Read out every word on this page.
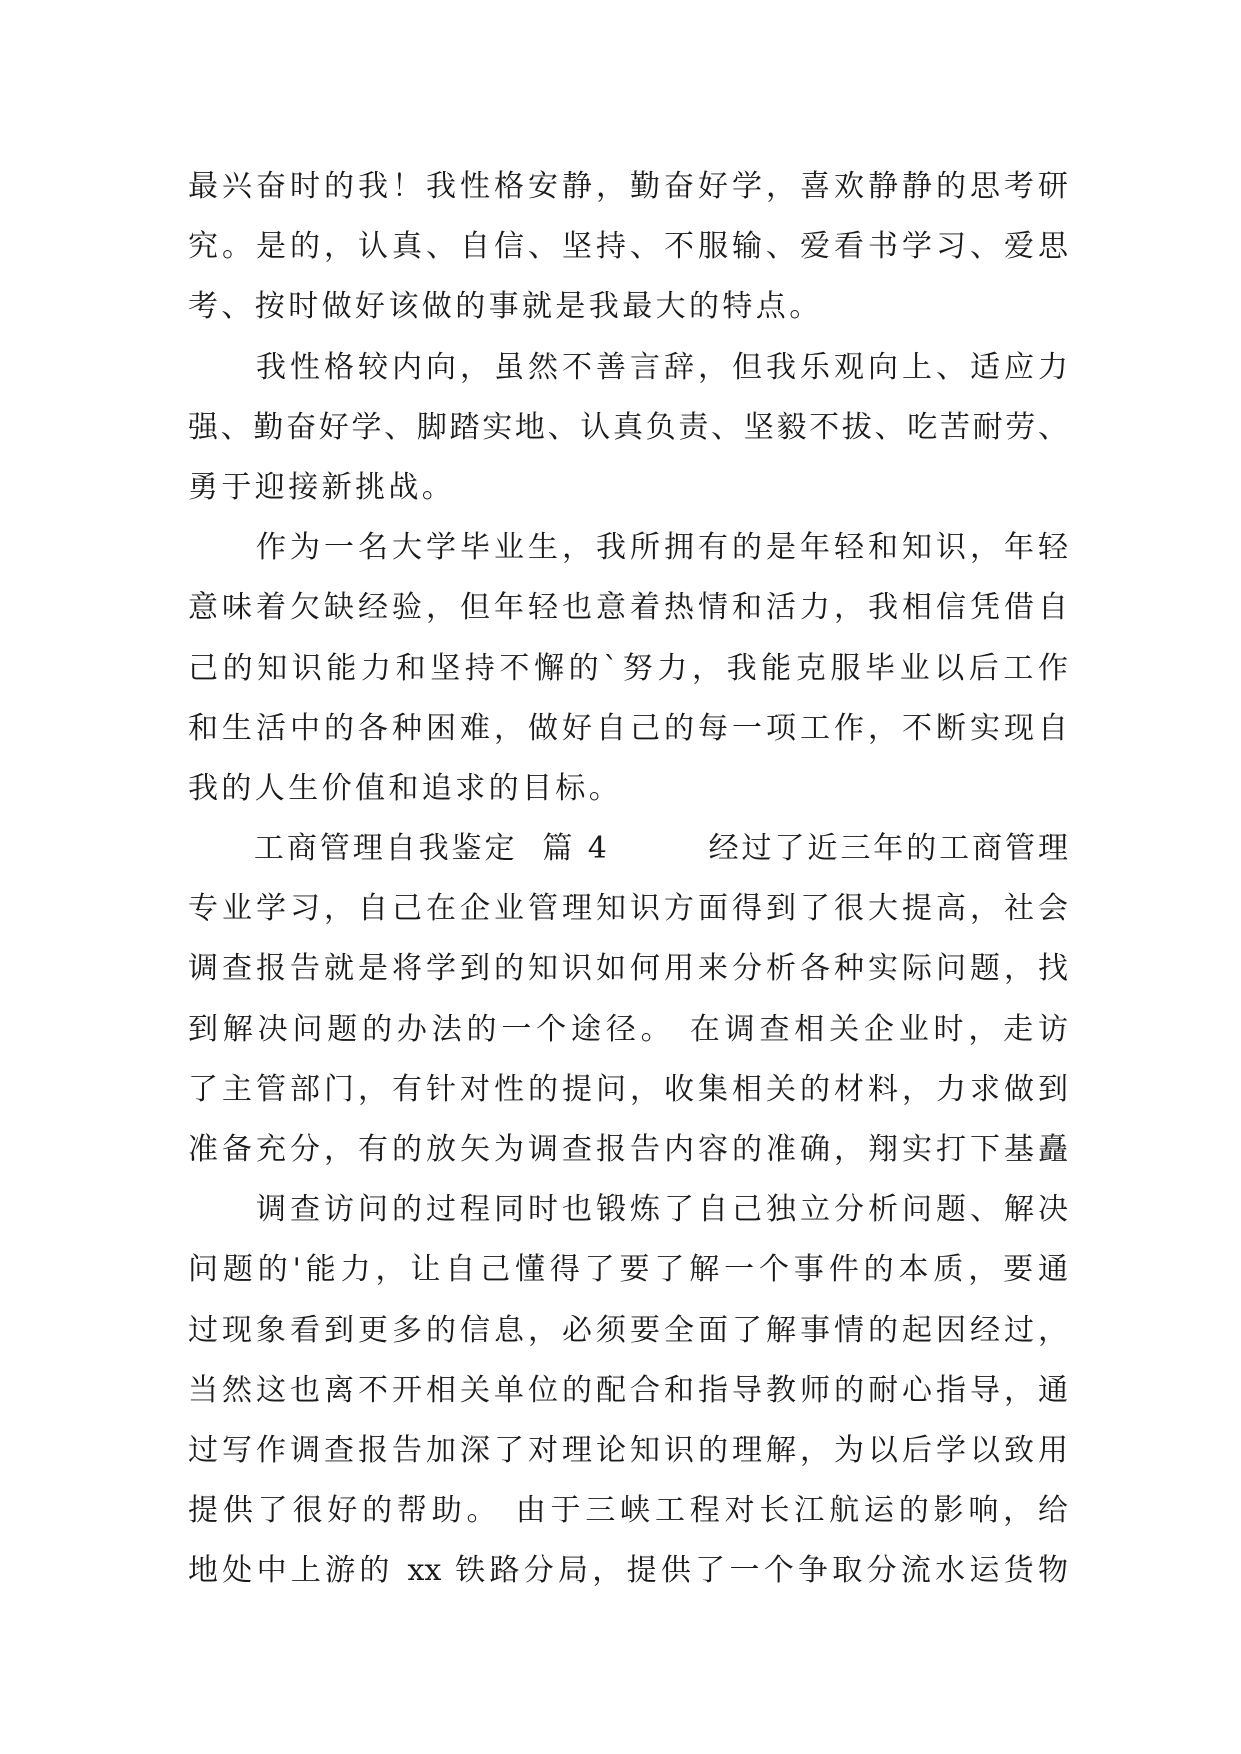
最兴奋时的我！我性格安静，勤奋好学，喜欢静静的思考研
究。是的，认真、自信、坚持、不服输、爱看书学习、爱思
考、按时做好该做的事就是我最大的特点。
　　我性格较内向，虽然不善言辞，但我乐观向上、适应力
强、勤奋好学、脚踏实地、认真负责、坚毅不拔、吃苦耐劳、
勇于迎接新挑战。
　　作为一名大学毕业生，我所拥有的是年轻和知识，年轻
意味着欠缺经验，但年轻也意着热情和活力，我相信凭借自
己的知识能力和坚持不懈的`努力，我能克服毕业以后工作
和生活中的各种困难，做好自己的每一项工作，不断实现自
我的人生价值和追求的目标。
　　工商管理自我鉴定  篇 4　　　经过了近三年的工商管理
专业学习，自己在企业管理知识方面得到了很大提高，社会
调查报告就是将学到的知识如何用来分析各种实际问题，找
到解决问题的办法的一个途径。 在调查相关企业时，走访
了主管部门，有针对性的提问，收集相关的材料，力求做到
准备充分，有的放矢为调查报告内容的准确，翔实打下基矗
　　调查访问的过程同时也锻炼了自己独立分析问题、解决
问题的'能力，让自己懂得了要了解一个事件的本质，要通
过现象看到更多的信息，必须要全面了解事情的起因经过，
当然这也离不开相关单位的配合和指导教师的耐心指导，通
过写作调查报告加深了对理论知识的理解，为以后学以致用
提供了很好的帮助。 由于三峡工程对长江航运的影响，给
地处中上游的 xx 铁路分局，提供了一个争取分流水运货物
